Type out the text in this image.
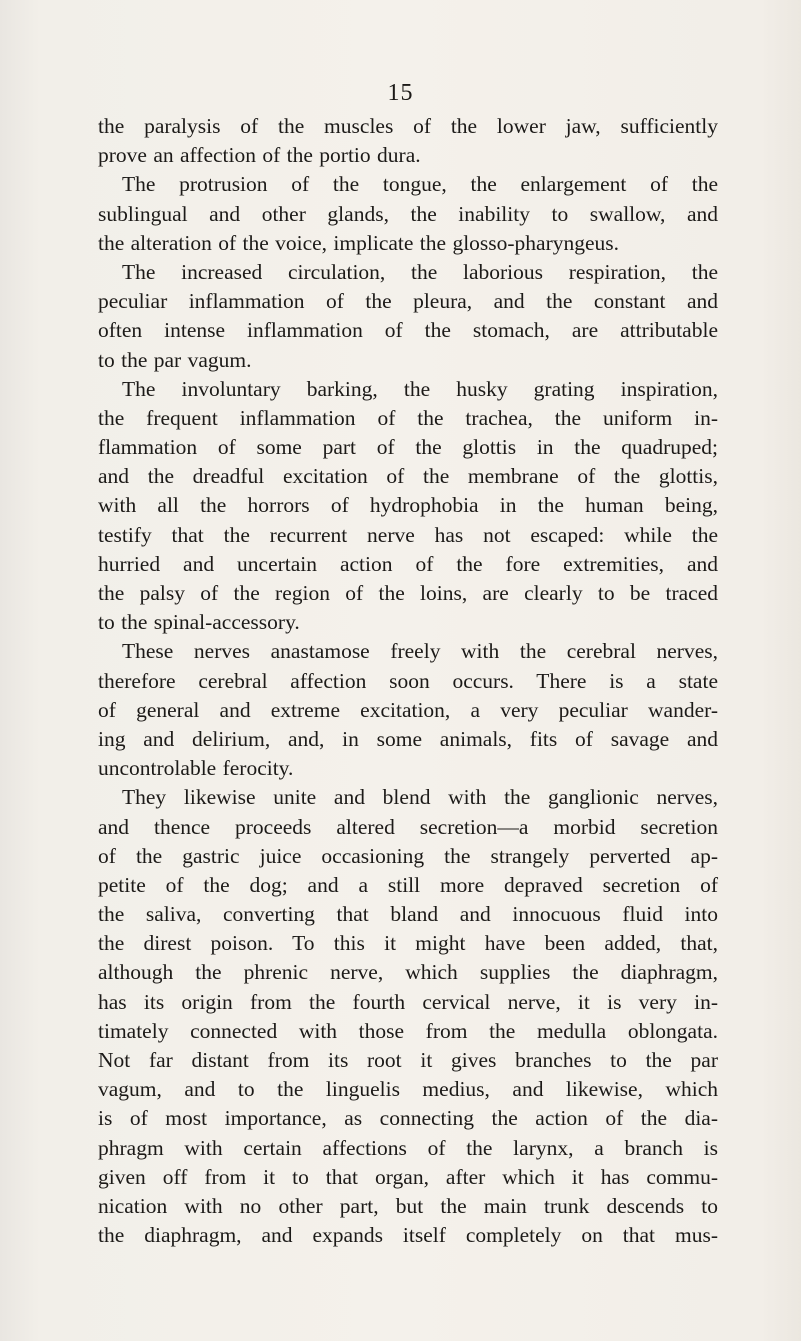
15
the paralysis of the muscles of the lower jaw, sufficiently
prove an affection of the portio dura.
The protrusion of the tongue, the enlargement of the
sublingual and other glands, the inability to swallow, and
the alteration of the voice, implicate the glosso-pharyngeus.
The increased circulation, the laborious respiration, the
peculiar inflammation of the pleura, and the constant and
often intense inflammation of the stomach, are attributable
to the par vagum.
The involuntary barking, the husky grating inspiration,
the frequent inflammation of the trachea, the uniform in-
flammation of some part of the glottis in the quadruped;
and the dreadful excitation of the membrane of the glottis,
with all the horrors of hydrophobia in the human being,
testify that the recurrent nerve has not escaped: while the
hurried and uncertain action of the fore extremities, and
the palsy of the region of the loins, are clearly to be traced
to the spinal-accessory.
These nerves anastamose freely with the cerebral nerves,
therefore cerebral affection soon occurs. There is a state
of general and extreme excitation, a very peculiar wander-
ing and delirium, and, in some animals, fits of savage and
uncontrolable ferocity.
They likewise unite and blend with the ganglionic nerves,
and thence proceeds altered secretion—a morbid secretion
of the gastric juice occasioning the strangely perverted ap-
petite of the dog; and a still more depraved secretion of
the saliva, converting that bland and innocuous fluid into
the direst poison. To this it might have been added, that,
although the phrenic nerve, which supplies the diaphragm,
has its origin from the fourth cervical nerve, it is very in-
timately connected with those from the medulla oblongata.
Not far distant from its root it gives branches to the par
vagum, and to the linguelis medius, and likewise, which
is of most importance, as connecting the action of the dia-
phragm with certain affections of the larynx, a branch is
given off from it to that organ, after which it has commu-
nication with no other part, but the main trunk descends to
the diaphragm, and expands itself completely on that mus-
